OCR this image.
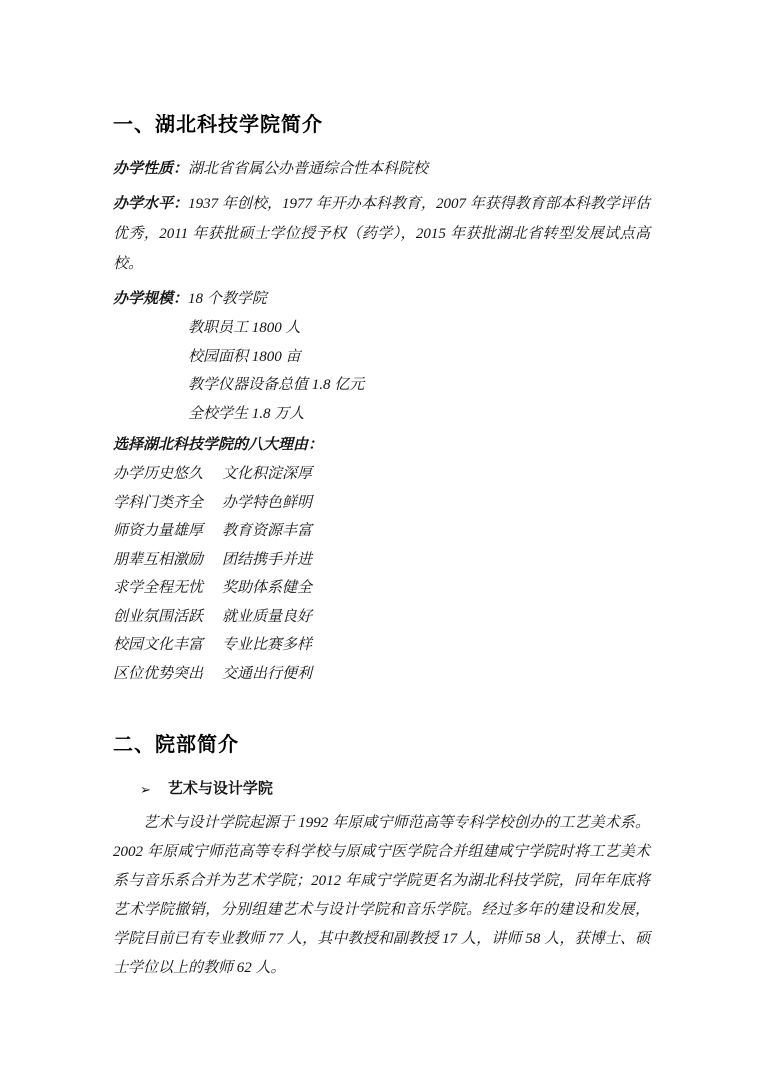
一、湖北科技学院简介

办学性质：湖北省省属公办普通综合性本科院校

办学水平：1937 年创校，1977 年开办本科教育，2007 年获得教育部本科教学评估优秀，2011 年获批硕士学位授予权（药学），2015 年获批湖北省转型发展试点高校。

办学规模：18 个教学院

教职员工 1800 人

校园面积 1800 亩

教学仪器设备总值 1.8 亿元

全校学生 1.8 万人

选择湖北科技学院的八大理由：

办学历史悠久	文化积淀深厚
学科门类齐全	办学特色鲜明
师资力量雄厚	教育资源丰富
朋辈互相激励	团结携手并进
求学全程无忧	奖助体系健全
创业氛围活跃	就业质量良好
校园文化丰富	专业比赛多样
区位优势突出	交通出行便利
二、院部简介

➢ 艺术与设计学院

艺术与设计学院起源于 1992 年原咸宁师范高等专科学校创办的工艺美术系。2002 年原咸宁师范高等专科学校与原咸宁医学院合并组建咸宁学院时将工艺美术系与音乐系合并为艺术学院；2012 年咸宁学院更名为湖北科技学院，同年年底将艺术学院撤销，分别组建艺术与设计学院和音乐学院。经过多年的建设和发展，学院目前已有专业教师 77 人，其中教授和副教授 17 人，讲师 58 人，获博士、硕士学位以上的教师 62 人。
